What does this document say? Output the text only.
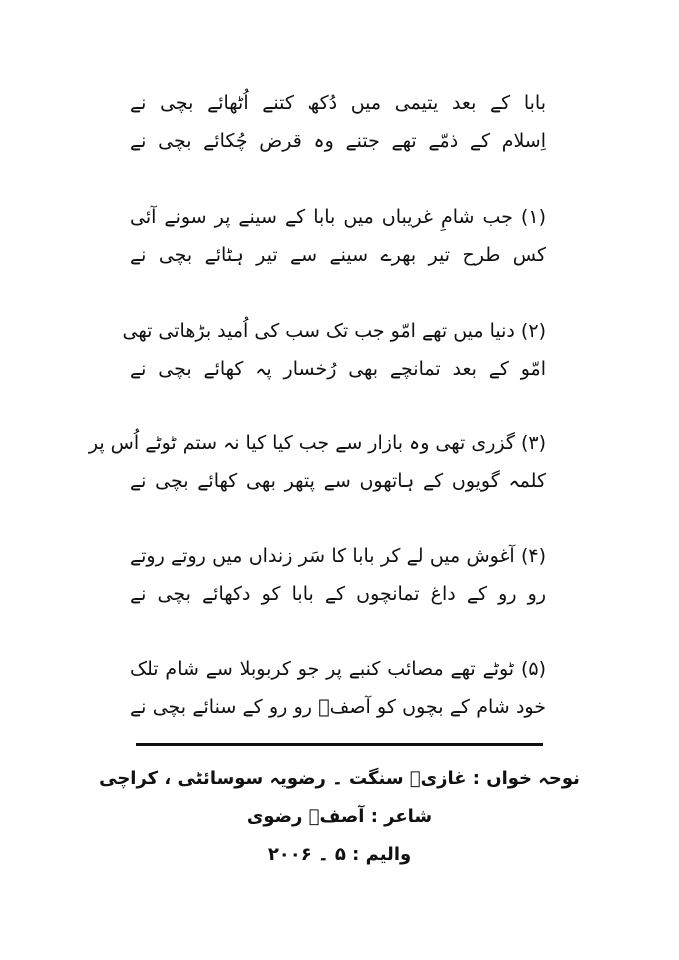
بابا کے بعد یتیمی میں دُکھ کتنے اُٹھائے بچی نے
اِسلام کے ذمّے تھے جتنے وہ قرض چُکائے بچی نے
(۱) جب شامِ غریباں میں بابا کے سینے پر سونے آئی
کس طرح تیر بھرے سینے سے تیر ہٹائے بچی نے
(۲) دنیا میں تھے امّو جب تک سب کی اُمید بڑھاتی تھی
امّو کے بعد تمانچے بھی رُخسار پہ کھائے بچی نے
(۳) گزری تھی وہ بازار سے جب کیا کیا نہ ستم ٹوٹے اُس پر
کلمہ گویوں کے ہاتھوں سے پتھر بھی کھائے بچی نے
(۴) آغوش میں لے کر بابا کا سَر زنداں میں روتے روتے
رو رو کے داغ تمانچوں کے بابا کو دکھائے بچی نے
(۵) ٹوٹے تھے مصائب کنبے پر جو کربوبلا سے شام تلک
خود شام کے بچوں کو آصفؔ رو رو کے سنائے بچی نے
نوحہ خواں : غازیؑ سنگت ۔ رضویہ سوسائٹی ، کراچی
شاعر : آصفؔ رضوی
والیم : ۵ ۔ ۲۰۰۶
